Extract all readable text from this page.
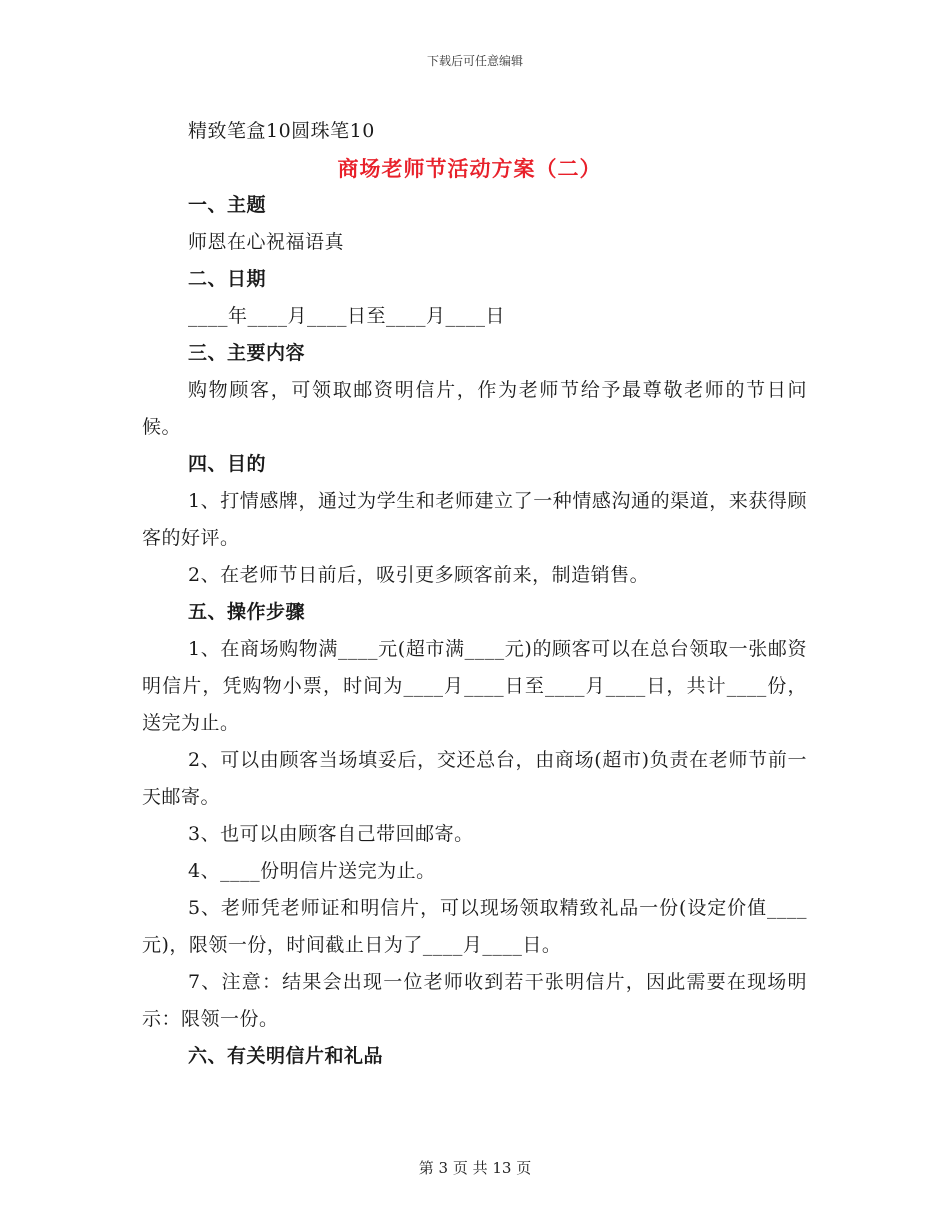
下载后可任意编辑
精致笔盒10圆珠笔10
商场老师节活动方案（二）
一、主题
师恩在心祝福语真
二、日期
____年____月____日至____月____日
三、主要内容
购物顾客，可领取邮资明信片，作为老师节给予最尊敬老师的节日问候。
四、目的
1、打情感牌，通过为学生和老师建立了一种情感沟通的渠道，来获得顾客的好评。
2、在老师节日前后，吸引更多顾客前来，制造销售。
五、操作步骤
1、在商场购物满____元(超市满____元)的顾客可以在总台领取一张邮资明信片，凭购物小票，时间为____月____日至____月____日，共计____份，送完为止。
2、可以由顾客当场填妥后，交还总台，由商场(超市)负责在老师节前一天邮寄。
3、也可以由顾客自己带回邮寄。
4、____份明信片送完为止。
5、老师凭老师证和明信片，可以现场领取精致礼品一份(设定价值____元)，限领一份，时间截止日为了____月____日。
7、注意：结果会出现一位老师收到若干张明信片，因此需要在现场明示：限领一份。
六、有关明信片和礼品
第 3 页 共 13 页
